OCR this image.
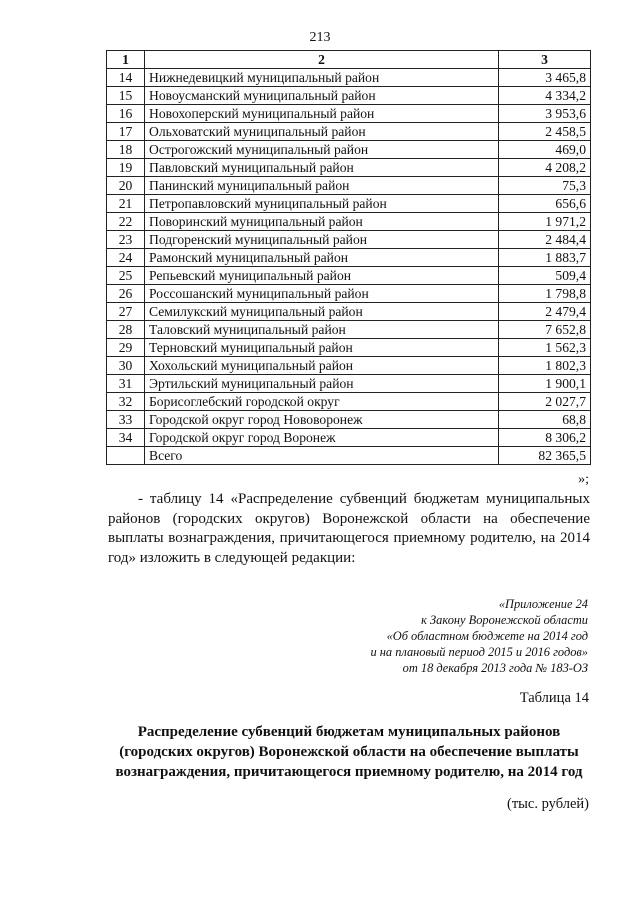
213
1	2	3
14	Нижнедевицкий муниципальный район	3 465,8
15	Новоусманский муниципальный район	4 334,2
16	Новохоперский муниципальный район	3 953,6
17	Ольховатский муниципальный район	2 458,5
18	Острогожский муниципальный район	469,0
19	Павловский муниципальный район	4 208,2
20	Панинский муниципальный район	75,3
21	Петропавловский муниципальный район	656,6
22	Поворинский муниципальный район	1 971,2
23	Подгоренский муниципальный район	2 484,4
24	Рамонский муниципальный район	1 883,7
25	Репьевский муниципальный район	509,4
26	Россошанский муниципальный район	1 798,8
27	Семилукский муниципальный район	2 479,4
28	Таловский муниципальный район	7 652,8
29	Терновский муниципальный район	1 562,3
30	Хохольский муниципальный район	1 802,3
31	Эртильский муниципальный район	1 900,1
32	Борисоглебский городской округ	2 027,7
33	Городской округ город Нововоронеж	68,8
34	Городской округ город Воронеж	8 306,2
	Всего	82 365,5
»;
- таблицу 14 «Распределение субвенций бюджетам муниципальных районов (городских округов) Воронежской области на обеспечение выплаты вознаграждения, причитающегося приемному родителю, на 2014 год» изложить в следующей редакции:
«Приложение 24
к Закону Воронежской области
«Об областном бюджете на 2014 год
и на плановый период 2015 и 2016 годов»
от 18 декабря 2013 года № 183-ОЗ
Таблица 14
Распределение субвенций бюджетам муниципальных районов (городских округов) Воронежской области на обеспечение выплаты вознаграждения, причитающегося приемному родителю, на 2014 год
(тыс. рублей)
